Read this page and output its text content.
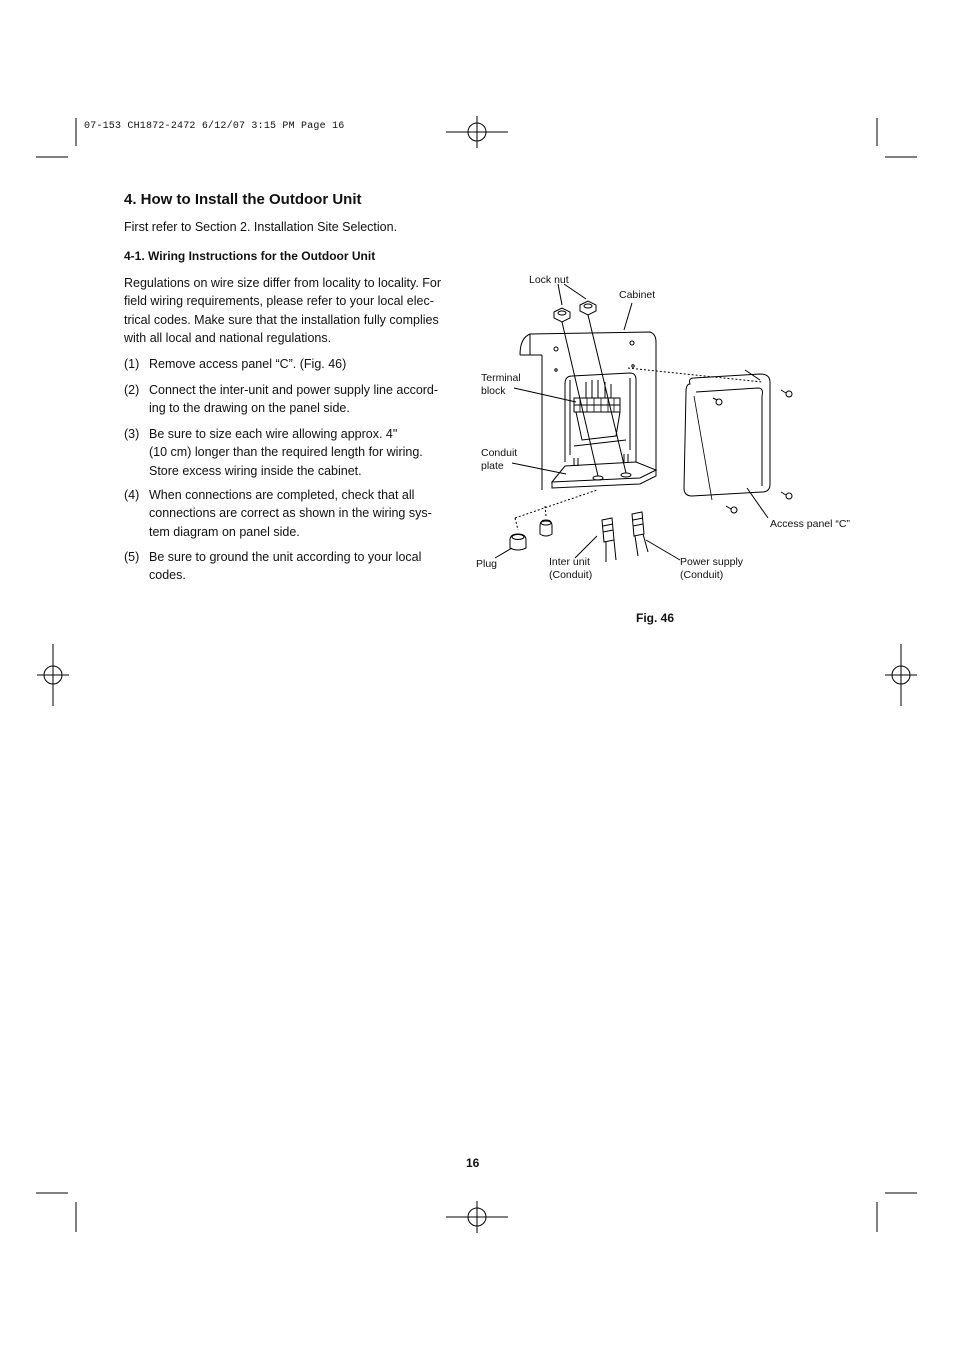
07-153 CH1872-2472 6/12/07 3:15 PM Page 16
4. How to Install the Outdoor Unit
First refer to Section 2. Installation Site Selection.
4-1. Wiring Instructions for the Outdoor Unit
Regulations on wire size differ from locality to locality. For
field wiring requirements, please refer to your local elec-
trical codes. Make sure that the installation fully complies
with all local and national regulations.
(1) Remove access panel “C”. (Fig. 46)
(2) Connect the inter-unit and power supply line accord-
ing to the drawing on the panel side.
(3) Be sure to size each wire allowing approx. 4"
(10 cm) longer than the required length for wiring.
Store excess wiring inside the cabinet.
(4) When connections are completed, check that all
connections are correct as shown in the wiring sys-
tem diagram on panel side.
(5) Be sure to ground the unit according to your local
codes.
Lock nut
Cabinet
Terminal
block
Conduit
plate
Access panel “C”
Plug	Inter unit
(Conduit)
Power supply
(Conduit)
Fig. 46
16
